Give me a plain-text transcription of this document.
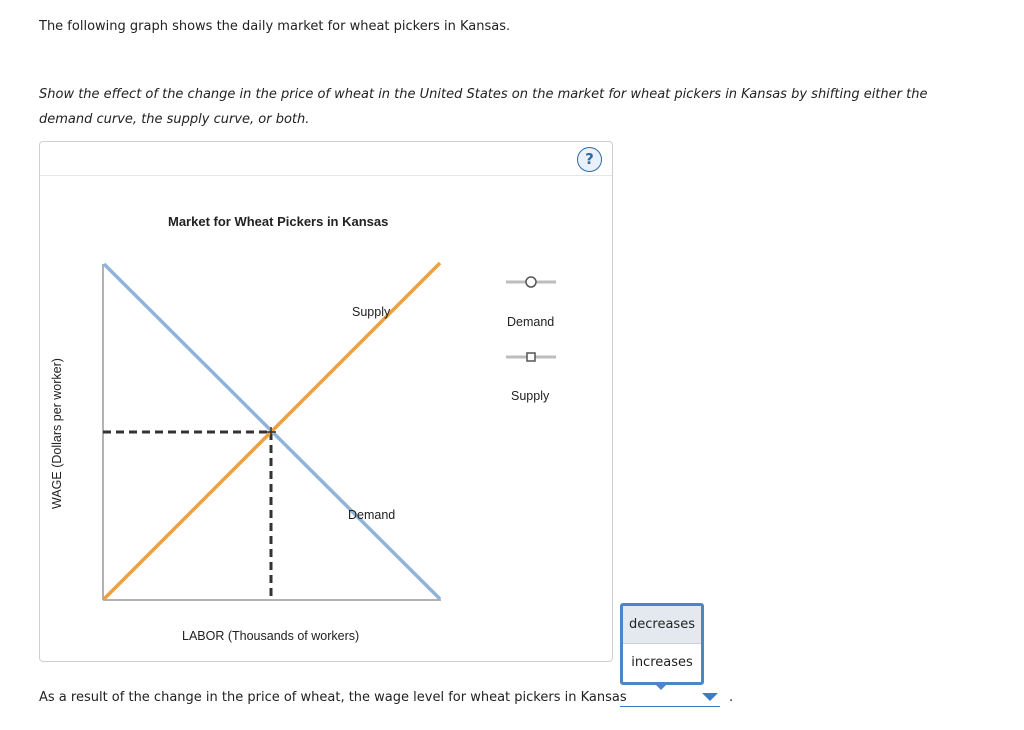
The following graph shows the daily market for wheat pickers in Kansas.
Show the effect of the change in the price of wheat in the United States on the market for wheat pickers in Kansas by shifting either the demand curve, the supply curve, or both.
?
Market for Wheat Pickers in Kansas
Supply
Demand
LABOR (Thousands of workers)
WAGE (Dollars per worker)
Demand
Supply
As a result of the change in the price of wheat, the wage level for wheat pickers in Kansas	.
decreases
increases
